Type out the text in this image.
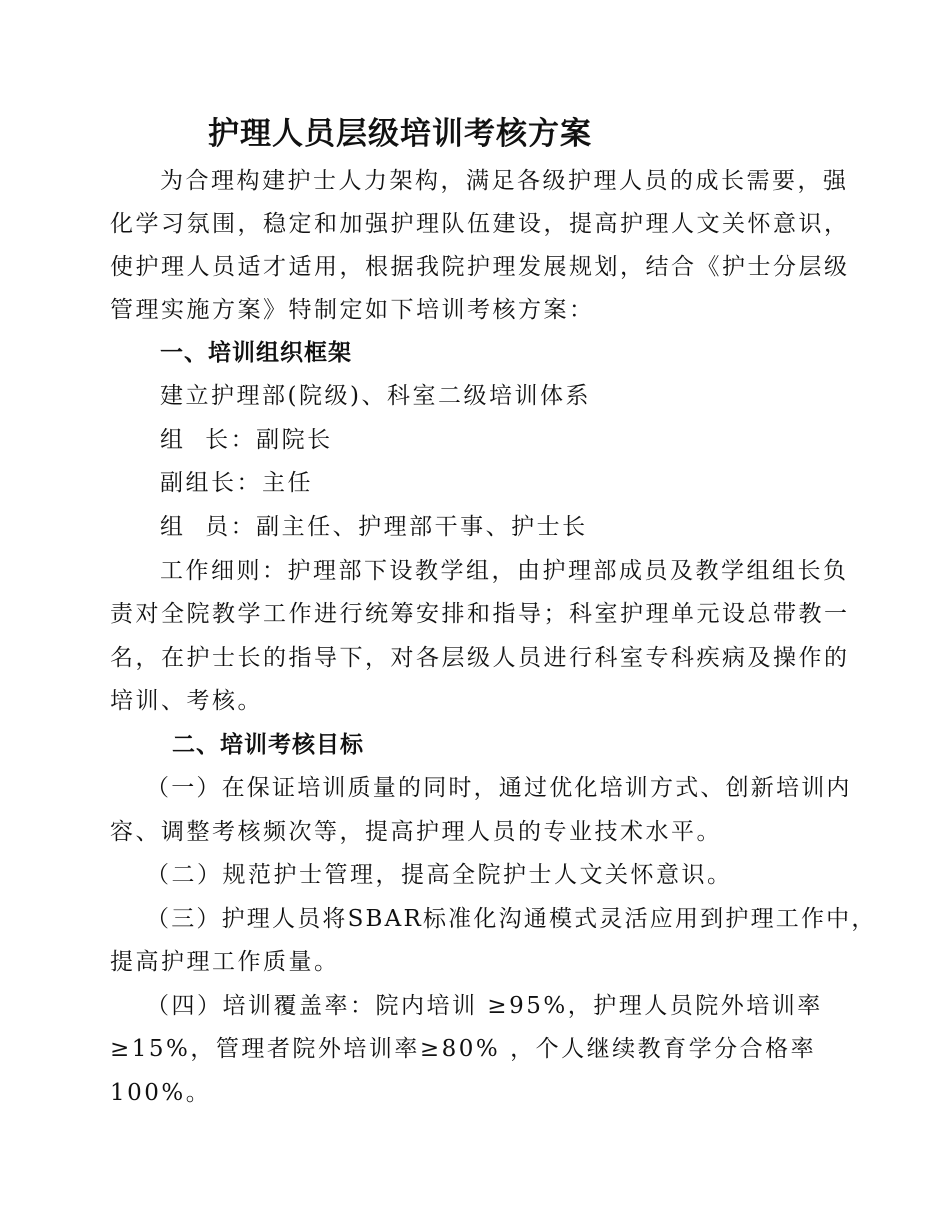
护理人员层级培训考核方案
为合理构建护士人力架构，满足各级护理人员的成长需要，强
化学习氛围，稳定和加强护理队伍建设，提高护理人文关怀意识，
使护理人员适才适用，根据我院护理发展规划，结合《护士分层级
管理实施方案》特制定如下培训考核方案：
一、培训组织框架
建立护理部(院级)、科室二级培训体系
组  长：副院长
副组长：主任
组  员：副主任、护理部干事、护士长
工作细则：护理部下设教学组，由护理部成员及教学组组长负
责对全院教学工作进行统筹安排和指导；科室护理单元设总带教一
名，在护士长的指导下，对各层级人员进行科室专科疾病及操作的
培训、考核。
二、培训考核目标
（一）在保证培训质量的同时，通过优化培训方式、创新培训内
容、调整考核频次等，提高护理人员的专业技术水平。
（二）规范护士管理，提高全院护士人文关怀意识。
（三）护理人员将SBAR标准化沟通模式灵活应用到护理工作中，
提高护理工作质量。
（四）培训覆盖率：院内培训 ≥95%，护理人员院外培训率
≥15%，管理者院外培训率≥80% ，个人继续教育学分合格率
100%。
